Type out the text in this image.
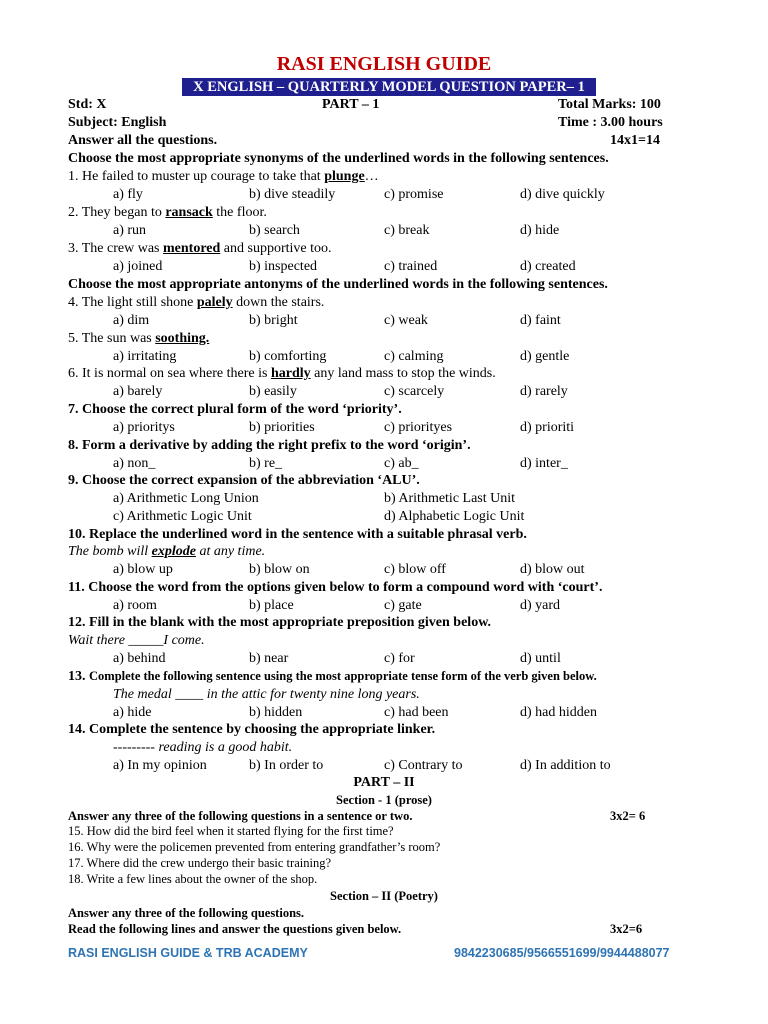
RASI ENGLISH GUIDE
X ENGLISH – QUARTERLY MODEL QUESTION PAPER– 1
Std: X	PART – 1	Total Marks: 100
Subject: English	Time : 3.00 hours
Answer all the questions.	14x1=14
Choose the most appropriate synonyms of the underlined words in the following sentences.
1. He failed to muster up courage to take that plunge…
a) fly	b) dive steadily	c) promise	d) dive quickly
2. They began to ransack the floor.
a) run	b) search	c) break	d) hide
3. The crew was mentored and supportive too.
a) joined	b) inspected	c) trained	d) created
Choose the most appropriate antonyms of the underlined words in the following sentences.
4. The light still shone palely down the stairs.
a) dim	b) bright	c) weak	d) faint
5. The sun was soothing.
a) irritating	b) comforting	c) calming	d) gentle
6. It is normal on sea where there is hardly any land mass to stop the winds.
a) barely	b) easily	c) scarcely	d) rarely
7. Choose the correct plural form of the word ‘priority’.
a) prioritys	b) priorities	c) priorityes	d) prioriti
8. Form a derivative by adding the right prefix to the word ‘origin’.
a) non_	b) re_	c) ab_	d) inter_
9. Choose the correct expansion of the abbreviation ‘ALU’.
a) Arithmetic Long Union	b) Arithmetic Last Unit
c) Arithmetic Logic Unit	d) Alphabetic Logic Unit
10. Replace the underlined word in the sentence with a suitable phrasal verb.
The bomb will explode at any time.
a) blow up	b) blow on	c) blow off	d) blow out
11. Choose the word from the options given below to form a compound word with ‘court’.
a) room	b) place	c) gate	d) yard
12. Fill in the blank with the most appropriate preposition given below.
Wait there _____I come.
a) behind	b) near	c) for	d) until
13. Complete the following sentence using the most appropriate tense form of the verb given below.
The medal ____ in the attic for twenty nine long years.
a) hide	b) hidden	c) had been	d) had hidden
14. Complete the sentence by choosing the appropriate linker.
--------- reading is a good habit.
a) In my opinion	b) In order to	c) Contrary to	d) In addition to
PART – II
Section - 1 (prose)
Answer any three of the following questions in a sentence or two.	3x2= 6
15. How did the bird feel when it started flying for the first time?
16. Why were the policemen prevented from entering grandfather’s room?
17. Where did the crew undergo their basic training?
18. Write a few lines about the owner of the shop.
Section – II (Poetry)
Answer any three of the following questions.
Read the following lines and answer the questions given below.	3x2=6
RASI ENGLISH GUIDE & TRB ACADEMY	9842230685/9566551699/9944488077
